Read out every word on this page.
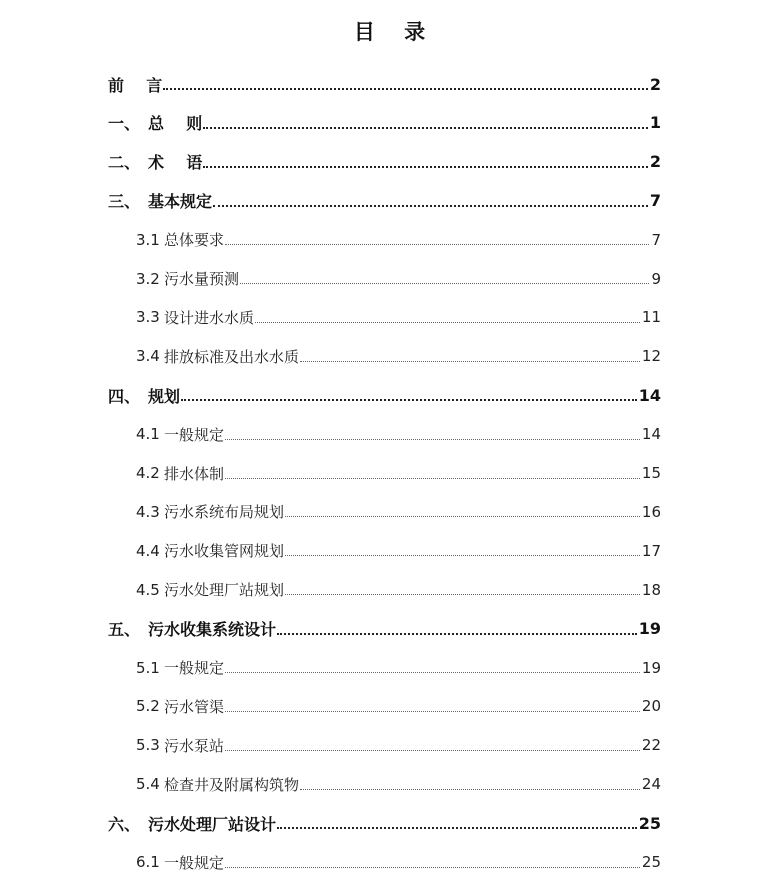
目    录
前    言	2
一、 总    则	1
二、 术    语	2
三、 基本规定	7
3.1 总体要求	7
3.2 污水量预测	9
3.3 设计进水水质	11
3.4 排放标准及出水水质	12
四、 规划	14
4.1 一般规定	14
4.2 排水体制	15
4.3 污水系统布局规划	16
4.4 污水收集管网规划	17
4.5 污水处理厂站规划	18
五、 污水收集系统设计	19
5.1 一般规定	19
5.2 污水管渠	20
5.3 污水泵站	22
5.4 检查井及附属构筑物	24
六、 污水处理厂站设计	25
6.1 一般规定	25
